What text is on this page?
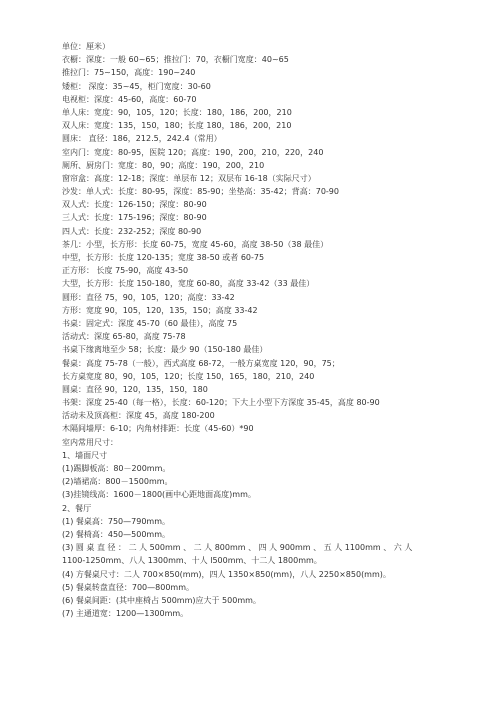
单位：厘米）
衣橱：深度：一般 60~65；推拉门：70，衣橱门宽度：40~65
推拉门：75~150，高度：190~240
矮柜： 深度：35~45，柜门宽度：30-60
电视柜：深度：45-60，高度：60-70
单人床：宽度：90，105，120；长度：180，186，200，210
双人床：宽度：135，150，180；长度 180，186，200，210
圆床： 直径：186，212.5，242.4（常用）
室内门：宽度：80-95，医院 120；高度：190，200，210，220，240
厕所、厨房门：宽度：80，90；高度：190，200，210
窗帘盒：高度：12-18；深度：单层布 12；双层布 16-18（实际尺寸）
沙发：单人式：长度：80-95，深度：85-90；坐垫高：35-42；背高：70-90
双人式：长度：126-150；深度：80-90
三人式：长度：175-196；深度：80-90
四人式：长度：232-252；深度 80-90
茶几：小型，长方形：长度 60-75，宽度 45-60，高度 38-50（38 最佳）
中型，长方形：长度 120-135；宽度 38-50 或者 60-75
正方形： 长度 75-90，高度 43-50
大型，长方形：长度 150-180，宽度 60-80，高度 33-42（33 最佳）
圆形：直径 75，90，105，120；高度：33-42
方形：宽度 90，105，120，135，150；高度 33-42
书桌：固定式：深度 45-70（60 最佳），高度 75
活动式：深度 65-80，高度 75-78
书桌下缘离地至少 58；长度：最少 90（150-180 最佳）
餐桌：高度 75-78（一般），西式高度 68-72，一般方桌宽度 120，90，75；
长方桌宽度 80，90，105，120；长度 150，165，180，210，240
圆桌：直径 90，120，135，150，180
书架：深度 25-40（每一格），长度：60-120；下大上小型下方深度 35-45，高度 80-90
活动未及顶高柜：深度 45，高度 180-200
木隔间墙厚：6-10；内角材排距：长度（45-60）*90
室内常用尺寸：
1、墙面尺寸
(1)踢脚板高：80－200mm。
(2)墙裙高：800－1500mm。
(3)挂镜线高：1600－1800(画中心距地面高度)mm。
2、餐厅
(1) 餐桌高：750—790mm。
(2) 餐椅高：450—500mm。
(3) 圆 桌 直 径 ： 二 人 500mm 、 二 人 800mm 、 四 人 900mm 、 五 人 1100mm 、 六 人
1100-1250mm、八人 1300mm、十人 l500mm、十二人 1800mm。
(4) 方餐桌尺寸：二人 700×850(mm)，四人 1350×850(mm)，八人 2250×850(mm)。
(5) 餐桌转盘直径：700—800mm。
(6) 餐桌间距：(其中座椅占 500mm)应大于 500mm。
(7) 主通道宽：1200—1300mm。
